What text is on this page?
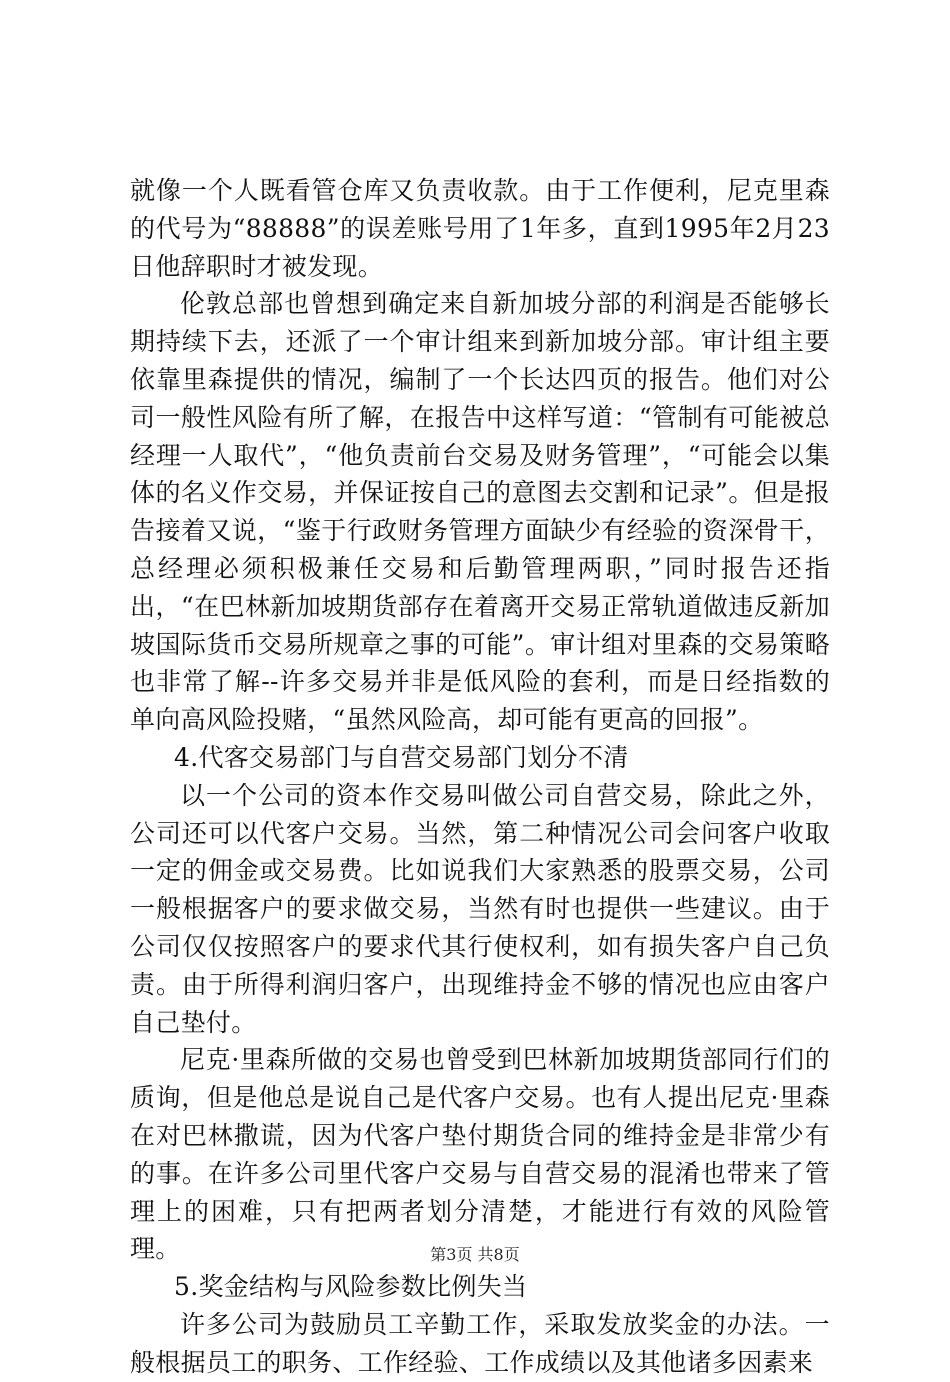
就像一个人既看管仓库又负责收款。由于工作便利，尼克里森的代号为“88888”的误差账号用了1年多，直到1995年2月23日他辞职时才被发现。

伦敦总部也曾想到确定来自新加坡分部的利润是否能够长期持续下去，还派了一个审计组来到新加坡分部。审计组主要依靠里森提供的情况，编制了一个长达四页的报告。他们对公司一般性风险有所了解，在报告中这样写道：“管制有可能被总经理一人取代”，“他负责前台交易及财务管理”，“可能会以集体的名义作交易，并保证按自己的意图去交割和记录”。但是报告接着又说，“鉴于行政财务管理方面缺少有经验的资深骨干，总经理必须积极兼任交易和后勤管理两职，”同时报告还指出，“在巴林新加坡期货部存在着离开交易正常轨道做违反新加坡国际货币交易所规章之事的可能”。审计组对里森的交易策略也非常了解--许多交易并非是低风险的套利，而是日经指数的单向高风险投赌，“虽然风险高，却可能有更高的回报”。

4.代客交易部门与自营交易部门划分不清

以一个公司的资本作交易叫做公司自营交易，除此之外，公司还可以代客户交易。当然，第二种情况公司会问客户收取一定的佣金或交易费。比如说我们大家熟悉的股票交易，公司一般根据客户的要求做交易，当然有时也提供一些建议。由于公司仅仅按照客户的要求代其行使权利，如有损失客户自己负责。由于所得利润归客户，出现维持金不够的情况也应由客户自己垫付。

尼克·里森所做的交易也曾受到巴林新加坡期货部同行们的质询，但是他总是说自己是代客户交易。也有人提出尼克·里森在对巴林撒谎，因为代客户垫付期货合同的维持金是非常少有的事。在许多公司里代客户交易与自营交易的混淆也带来了管理上的困难，只有把两者划分清楚，才能进行有效的风险管理。

5.奖金结构与风险参数比例失当

许多公司为鼓励员工辛勤工作，采取发放奖金的办法。一般根据员工的职务、工作经验、工作成绩以及其他诸多因素来

第3页 共8页
